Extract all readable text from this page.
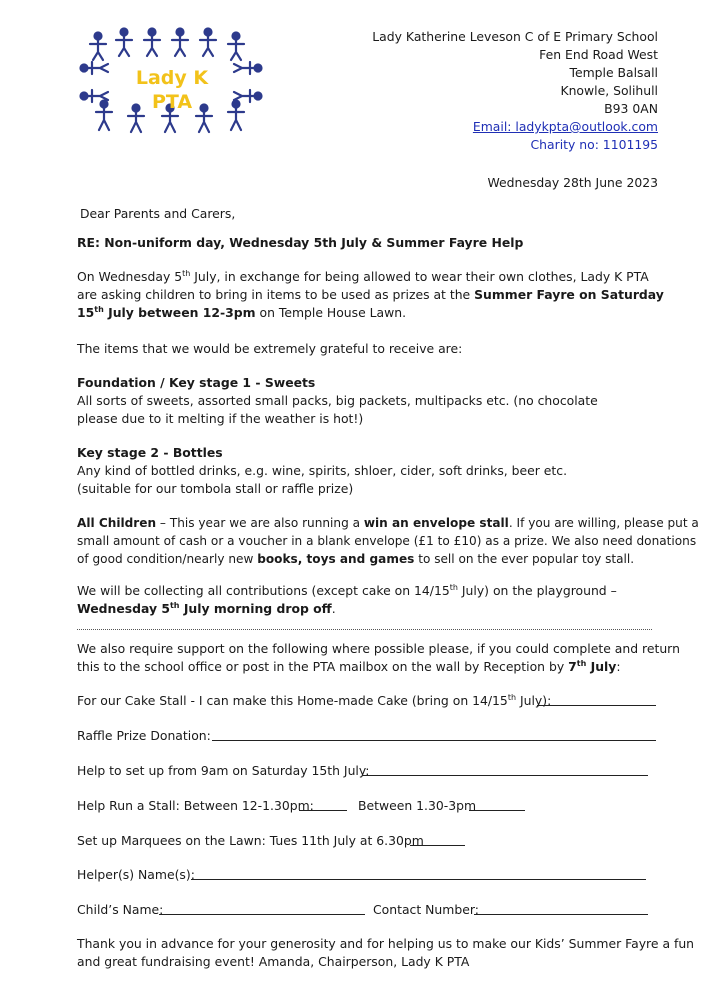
Lady K PTA
Lady Katherine Leveson C of E Primary School
Fen End Road West
Temple Balsall
Knowle, Solihull
B93 0AN
Email: ladykpta@outlook.com
Charity no: 1101195
Wednesday 28th June 2023
Dear Parents and Carers,
RE: Non-uniform day, Wednesday 5th July & Summer Fayre Help
On Wednesday 5th July, in exchange for being allowed to wear their own clothes, Lady K PTA
are asking children to bring in items to be used as prizes at the Summer Fayre on Saturday
15th July between 12-3pm on Temple House Lawn.
The items that we would be extremely grateful to receive are:
Foundation / Key stage 1 - Sweets
All sorts of sweets, assorted small packs, big packets, multipacks etc. (no chocolate
please due to it melting if the weather is hot!)
Key stage 2 - Bottles
Any kind of bottled drinks, e.g. wine, spirits, shloer, cider, soft drinks, beer etc.
(suitable for our tombola stall or raffle prize)
All Children – This year we are also running a win an envelope stall. If you are willing, please put a
small amount of cash or a voucher in a blank envelope (£1 to £10) as a prize. We also need donations
of good condition/nearly new books, toys and games to sell on the ever popular toy stall.
We will be collecting all contributions (except cake on 14/15th July) on the playground –
Wednesday 5th July morning drop off.
We also require support on the following where possible please, if you could complete and return
this to the school office or post in the PTA mailbox on the wall by Reception by 7th July:
For our Cake Stall - I can make this Home-made Cake (bring on 14/15th July):
Raffle Prize Donation:
Help to set up from 9am on Saturday 15th July:
Help Run a Stall: Between 12-1.30pm:	Between 1.30-3pm
Set up Marquees on the Lawn: Tues 11th July at 6.30pm
Helper(s) Name(s):
Child’s Name:	Contact Number:
Thank you in advance for your generosity and for helping us to make our Kids’ Summer Fayre a fun
and great fundraising event! Amanda, Chairperson, Lady K PTA
